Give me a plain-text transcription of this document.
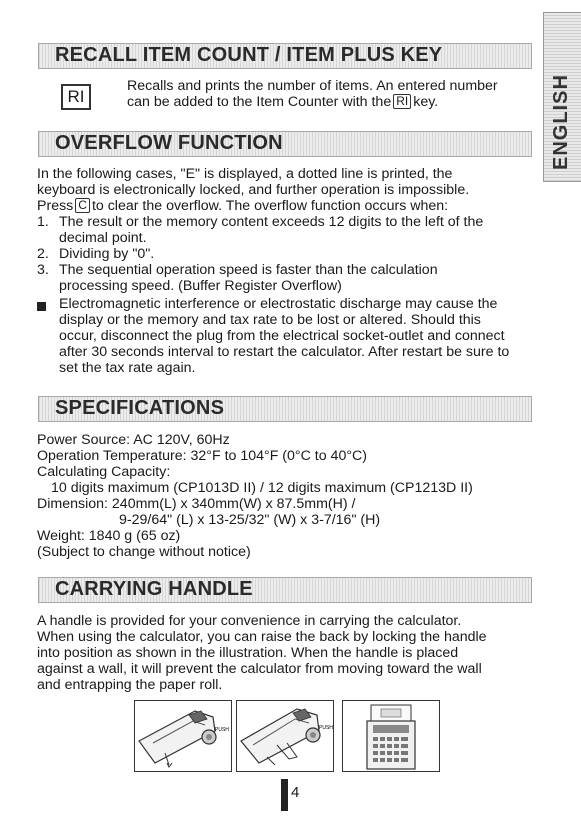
ENGLISH
RECALL ITEM COUNT / ITEM PLUS KEY
RI
Recalls and prints the number of items. An entered number
can be added to the Item Counter with the RI key.
OVERFLOW FUNCTION
In the following cases, "E" is displayed, a dotted line is printed, the
keyboard is electronically locked, and further operation is impossible.
Press C to clear the overflow. The overflow function occurs when:
1. The result or the memory content exceeds 12 digits to the left of the
decimal point.
2. Dividing by "0".
3. The sequential operation speed is faster than the calculation
processing speed. (Buffer Register Overflow)
Electromagnetic interference or electrostatic discharge may cause the
display or the memory and tax rate to be lost or altered. Should this
occur, disconnect the plug from the electrical socket-outlet and connect
after 30 seconds interval to restart the calculator. After restart be sure to
set the tax rate again.
SPECIFICATIONS
Power Source: AC 120V, 60Hz
Operation Temperature: 32°F to 104°F (0°C to 40°C)
Calculating Capacity:
10 digits maximum (CP1013D II) / 12 digits maximum (CP1213D II)
Dimension: 240mm(L) x 340mm(W) x 87.5mm(H) /
9-29/64" (L) x 13-25/32" (W) x 3-7/16" (H)
Weight: 1840 g (65 oz)
(Subject to change without notice)
CARRYING HANDLE
A handle is provided for your convenience in carrying the calculator.
When using the calculator, you can raise the back by locking the handle
into position as shown in the illustration. When the handle is placed
against a wall, it will prevent the calculator from moving toward the wall
and entrapping the paper roll.
PUSH	PUSH
4
